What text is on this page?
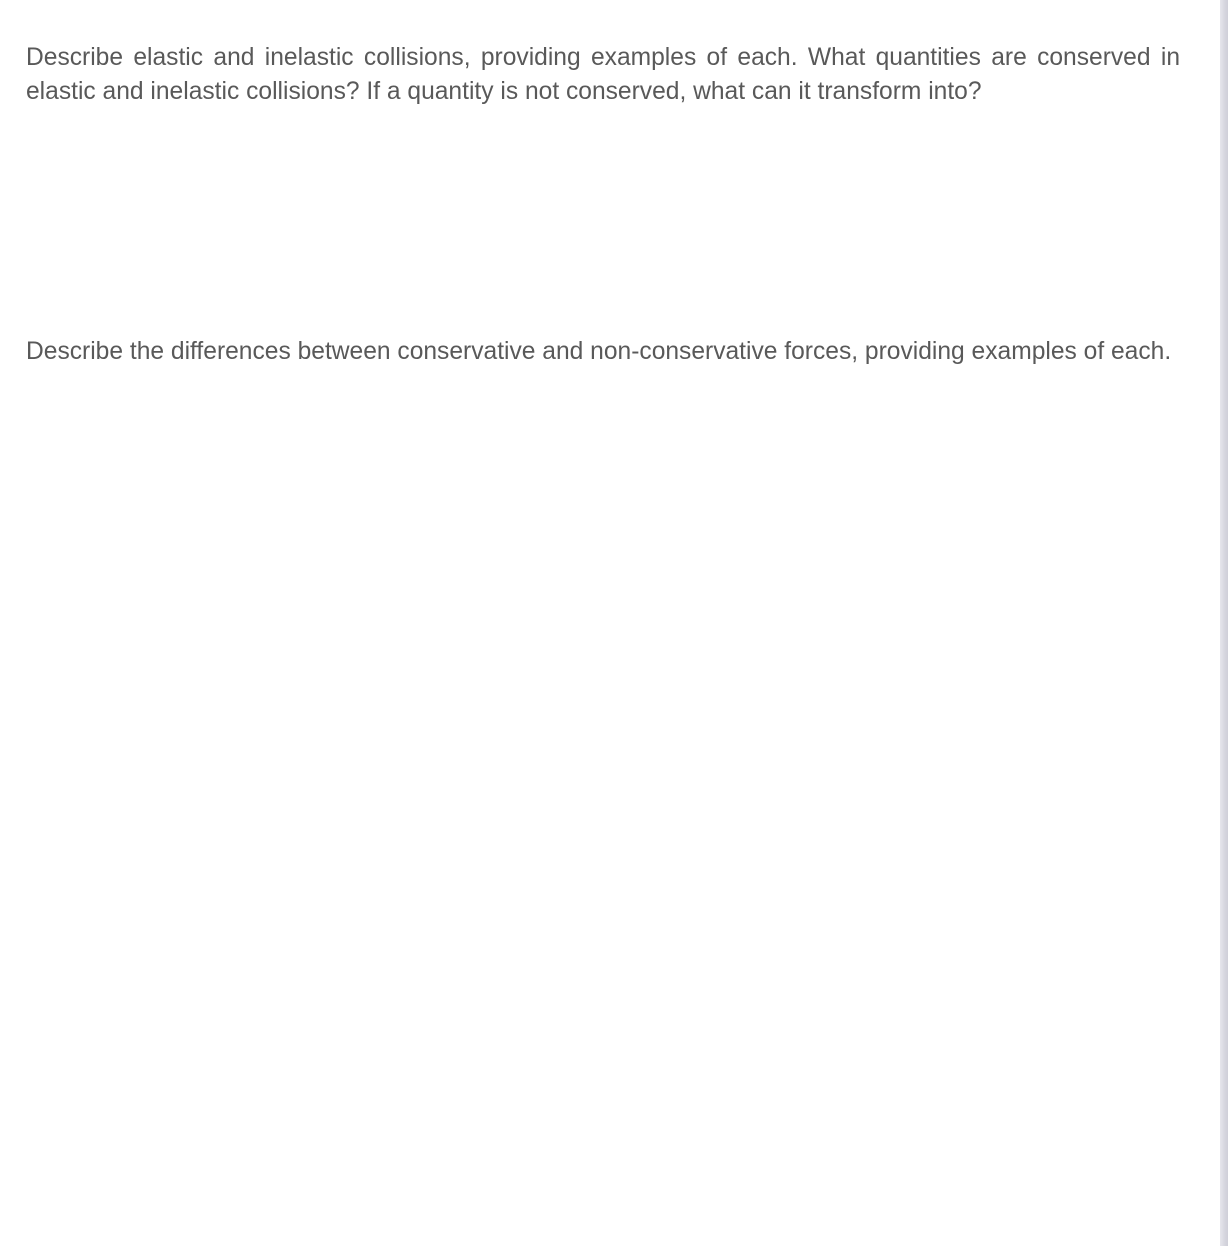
Describe elastic and inelastic collisions, providing examples of each. What quantities are conserved in elastic and inelastic collisions? If a quantity is not conserved, what can it transform into?

Describe the differences between conservative and non-conservative forces, providing examples of each.
